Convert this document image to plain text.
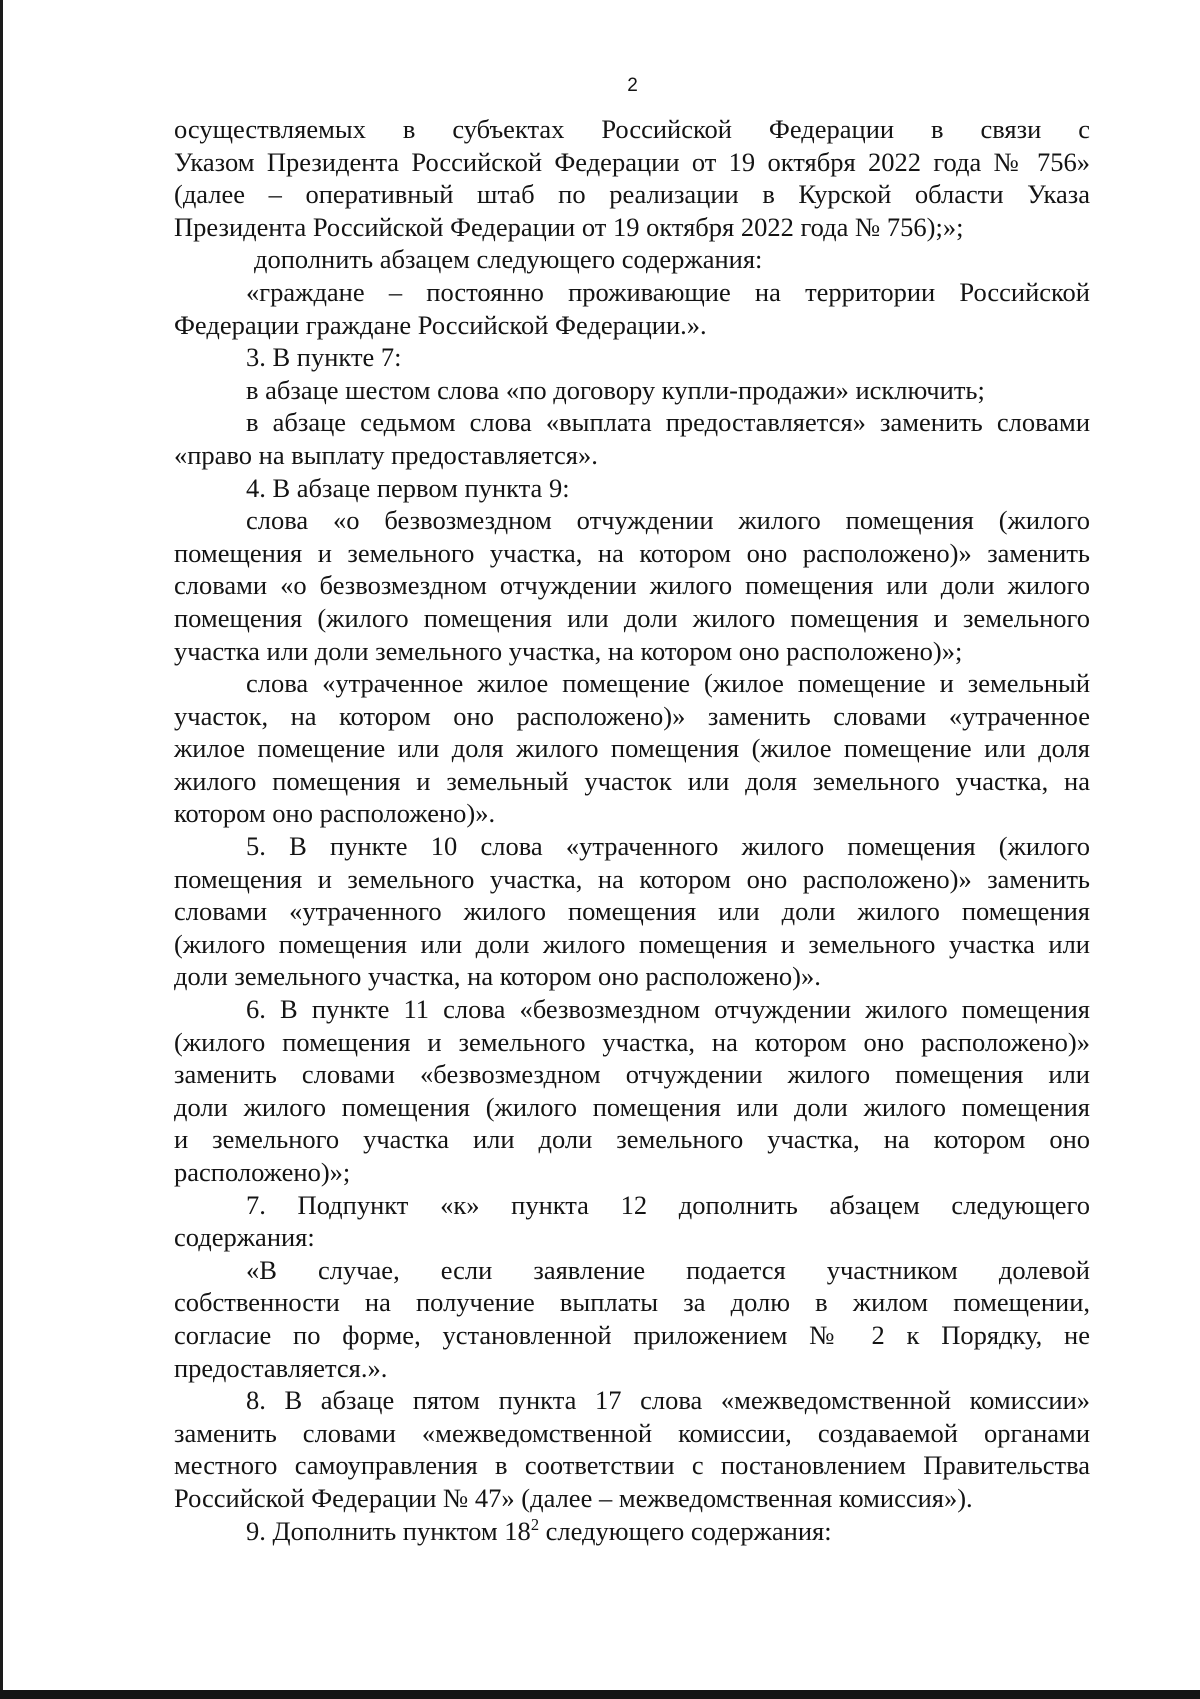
2
осуществляемых в субъектах Российской Федерации в связи с
Указом Президента Российской Федерации от 19 октября 2022 года № 756»
(далее – оперативный штаб по реализации в Курской области Указа
Президента Российской Федерации от 19 октября 2022 года № 756);»;
дополнить абзацем следующего содержания:
«граждане – постоянно проживающие на территории Российской
Федерации граждане Российской Федерации.».
3. В пункте 7:
в абзаце шестом слова «по договору купли-продажи» исключить;
в абзаце седьмом слова «выплата предоставляется» заменить словами
«право на выплату предоставляется».
4. В абзаце первом пункта 9:
слова «о безвозмездном отчуждении жилого помещения (жилого
помещения и земельного участка, на котором оно расположено)» заменить
словами «о безвозмездном отчуждении жилого помещения или доли жилого
помещения (жилого помещения или доли жилого помещения и земельного
участка или доли земельного участка, на котором оно расположено)»;
слова «утраченное жилое помещение (жилое помещение и земельный
участок, на котором оно расположено)» заменить словами «утраченное
жилое помещение или доля жилого помещения (жилое помещение или доля
жилого помещения и земельный участок или доля земельного участка, на
котором оно расположено)».
5. В пункте 10 слова «утраченного жилого помещения (жилого
помещения и земельного участка, на котором оно расположено)» заменить
словами «утраченного жилого помещения или доли жилого помещения
(жилого помещения или доли жилого помещения и земельного участка или
доли земельного участка, на котором оно расположено)».
6. В пункте 11 слова «безвозмездном отчуждении жилого помещения
(жилого помещения и земельного участка, на котором оно расположено)»
заменить словами «безвозмездном отчуждении жилого помещения или
доли жилого помещения (жилого помещения или доли жилого помещения
и земельного участка или доли земельного участка, на котором оно
расположено)»;
7. Подпункт «к» пункта 12 дополнить абзацем следующего
содержания:
«В случае, если заявление подается участником долевой
собственности на получение выплаты за долю в жилом помещении,
согласие по форме, установленной приложением № 2 к Порядку, не
предоставляется.».
8. В абзаце пятом пункта 17 слова «межведомственной комиссии»
заменить словами «межведомственной комиссии, создаваемой органами
местного самоуправления в соответствии с постановлением Правительства
Российской Федерации № 47» (далее – межведомственная комиссия»).
9. Дополнить пунктом $18^2$ следующего содержания:
